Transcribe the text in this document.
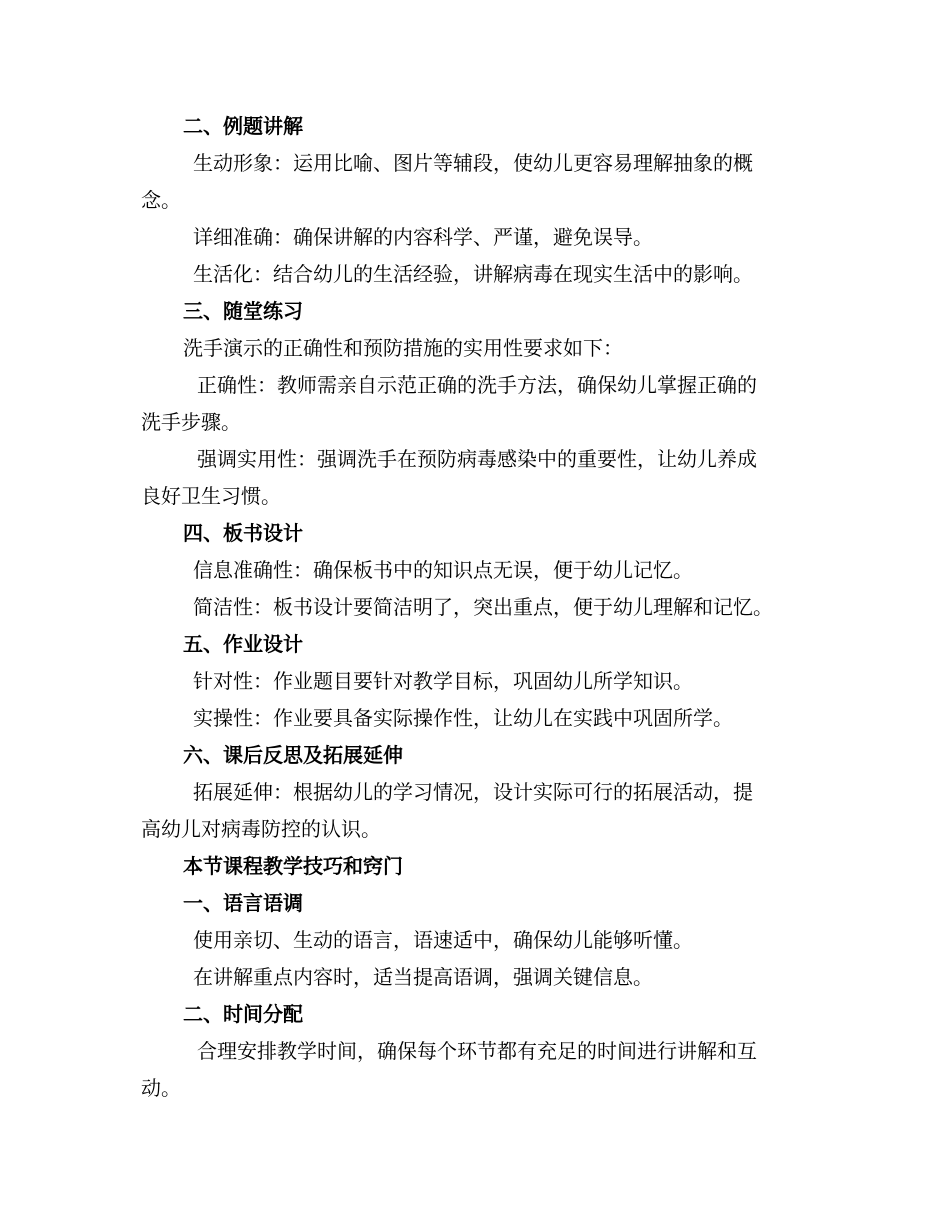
二、例题讲解

生动形象：运用比喻、图片等辅段，使幼儿更容易理解抽象的概

念。

详细准确：确保讲解的内容科学、严谨，避免误导。

生活化：结合幼儿的生活经验，讲解病毒在现实生活中的影响。

三、随堂练习

洗手演示的正确性和预防措施的实用性要求如下：

正确性：教师需亲自示范正确的洗手方法，确保幼儿掌握正确的

洗手步骤。

强调实用性：强调洗手在预防病毒感染中的重要性，让幼儿养成

良好卫生习惯。

四、板书设计

信息准确性：确保板书中的知识点无误，便于幼儿记忆。

简洁性：板书设计要简洁明了，突出重点，便于幼儿理解和记忆。

五、作业设计

针对性：作业题目要针对教学目标，巩固幼儿所学知识。

实操性：作业要具备实际操作性，让幼儿在实践中巩固所学。

六、课后反思及拓展延伸

拓展延伸：根据幼儿的学习情况，设计实际可行的拓展活动，提

高幼儿对病毒防控的认识。

本节课程教学技巧和窍门

一、语言语调

使用亲切、生动的语言，语速适中，确保幼儿能够听懂。

在讲解重点内容时，适当提高语调，强调关键信息。

二、时间分配

合理安排教学时间，确保每个环节都有充足的时间进行讲解和互

动。
